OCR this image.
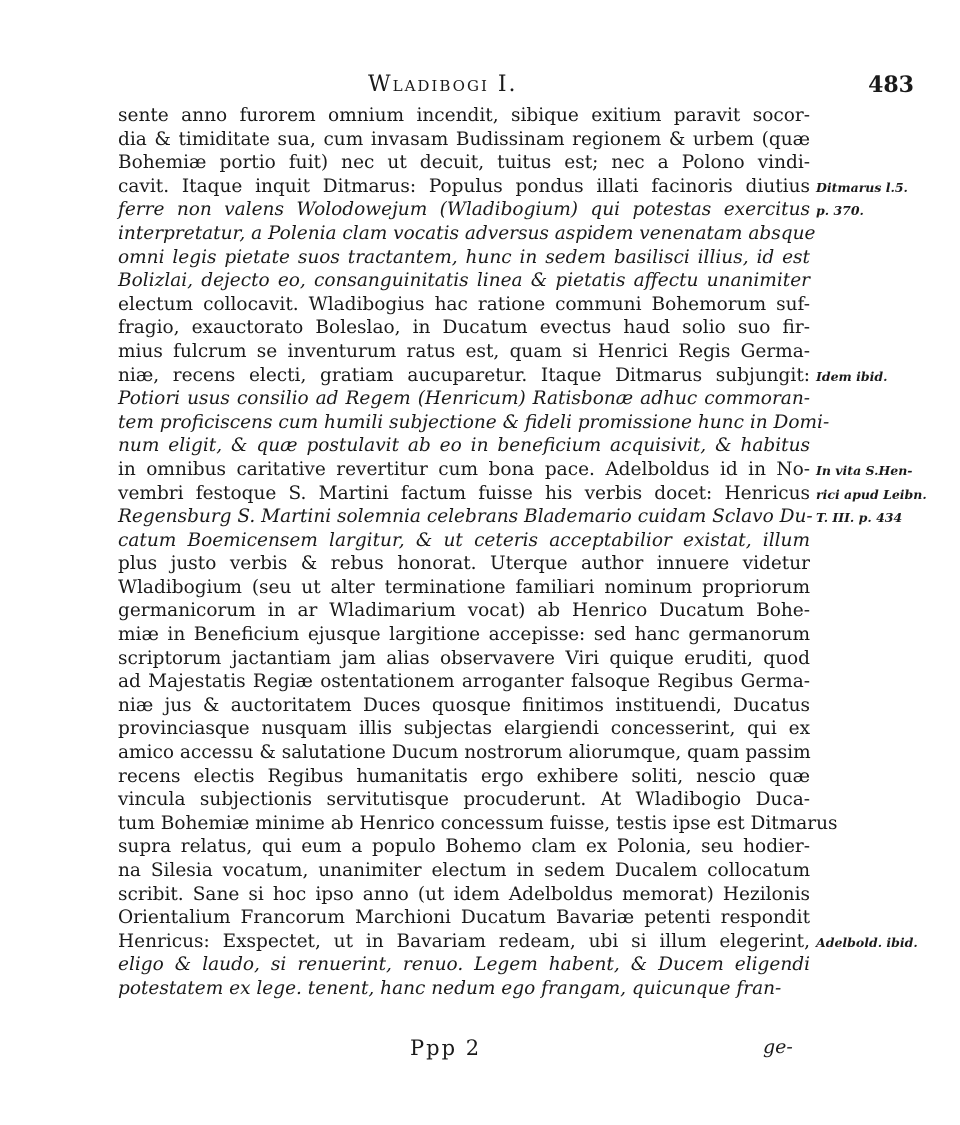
Wladibogi I.	483
sente anno furorem omnium incendit, sibique exitium paravit socor-
dia & timiditate sua, cum invasam Budissinam regionem & urbem (quæ
Bohemiæ portio fuit) nec ut decuit, tuitus est; nec a Polono vindi-
cavit. Itaque inquit Ditmarus: Populus pondus illati facinoris diutius
ferre non valens Wolodowejum (Wladibogium) qui potestas exercitus
interpretatur, a Polenia clam vocatis adversus aspidem venenatam absque
omni legis pietate suos tractantem, hunc in sedem basilisci illius, id est
Bolizlai, dejecto eo, consanguinitatis linea & pietatis affectu unanimiter
electum collocavit. Wladibogius hac ratione communi Bohemorum suf-
fragio, exauctorato Boleslao, in Ducatum evectus haud solio suo fir-
mius fulcrum se inventurum ratus est, quam si Henrici Regis Germa-
niæ, recens electi, gratiam aucuparetur. Itaque Ditmarus subjungit:
Potiori usus consilio ad Regem (Henricum) Ratisbonæ adhuc commoran-
tem proficiscens cum humili subjectione & fideli promissione hunc in Domi-
num eligit, & quæ postulavit ab eo in beneficium acquisivit, & habitus
in omnibus caritative revertitur cum bona pace. Adelboldus id in No-
vembri festoque S. Martini factum fuisse his verbis docet: Henricus
Regensburg S. Martini solemnia celebrans Blademario cuidam Sclavo Du-
catum Boemicensem largitur, & ut ceteris acceptabilior existat, illum
plus justo verbis & rebus honorat. Uterque author innuere videtur
Wladibogium (seu ut alter terminatione familiari nominum propriorum
germanicorum in ar Wladimarium vocat) ab Henrico Ducatum Bohe-
miæ in Beneficium ejusque largitione accepisse: sed hanc germanorum
scriptorum jactantiam jam alias observavere Viri quique eruditi, quod
ad Majestatis Regiæ ostentationem arroganter falsoque Regibus Germa-
niæ jus & auctoritatem Duces quosque finitimos instituendi, Ducatus
provinciasque nusquam illis subjectas elargiendi concesserint, qui ex
amico accessu & salutatione Ducum nostrorum aliorumque, quam passim
recens electis Regibus humanitatis ergo exhibere soliti, nescio quæ
vincula subjectionis servitutisque procuderunt. At Wladibogio Duca-
tum Bohemiæ minime ab Henrico concessum fuisse, testis ipse est Ditmarus
supra relatus, qui eum a populo Bohemo clam ex Polonia, seu hodier-
na Silesia vocatum, unanimiter electum in sedem Ducalem collocatum
scribit. Sane si hoc ipso anno (ut idem Adelboldus memorat) Hezilonis
Orientalium Francorum Marchioni Ducatum Bavariæ petenti respondit
Henricus: Exspectet, ut in Bavariam redeam, ubi si illum elegerint,
eligo & laudo, si renuerint, renuo. Legem habent, & Ducem eligendi
potestatem ex lege. tenent, hanc nedum ego frangam, quicunque fran-
Ditmarus l.5.
p. 370.
Idem ibid.
In vita S.Hen-
rici apud Leibn.
T. III. p. 434
Adelbold. ibid.
Ppp 2	ge-
